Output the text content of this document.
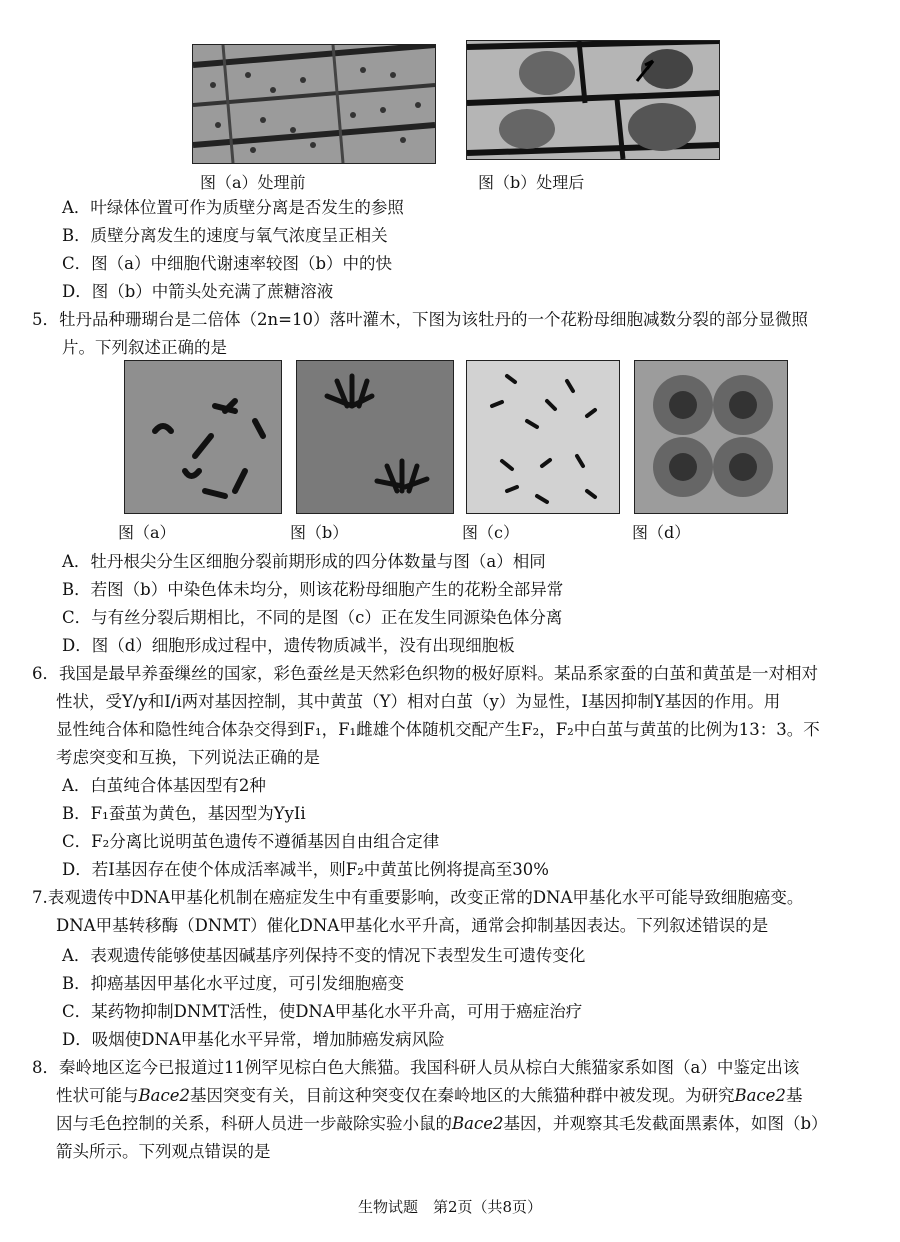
图（a）处理前	图（b）处理后
A．叶绿体位置可作为质壁分离是否发生的参照
B．质壁分离发生的速度与氧气浓度呈正相关
C．图（a）中细胞代谢速率较图（b）中的快
D．图（b）中箭头处充满了蔗糖溶液
5．牡丹品种珊瑚台是二倍体（2n=10）落叶灌木，下图为该牡丹的一个花粉母细胞减数分裂的部分显微照
片。下列叙述正确的是
图（a）	图（b）	图（c）	图（d）
A．牡丹根尖分生区细胞分裂前期形成的四分体数量与图（a）相同
B．若图（b）中染色体未均分，则该花粉母细胞产生的花粉全部异常
C．与有丝分裂后期相比，不同的是图（c）正在发生同源染色体分离
D．图（d）细胞形成过程中，遗传物质减半，没有出现细胞板
6．我国是最早养蚕缫丝的国家，彩色蚕丝是天然彩色织物的极好原料。某品系家蚕的白茧和黄茧是一对相对
性状，受Y/y和I/i两对基因控制，其中黄茧（Y）相对白茧（y）为显性，I基因抑制Y基因的作用。用
显性纯合体和隐性纯合体杂交得到F₁，F₁雌雄个体随机交配产生F₂，F₂中白茧与黄茧的比例为13：3。不
考虑突变和互换，下列说法正确的是
A．白茧纯合体基因型有2种
B．F₁蚕茧为黄色，基因型为YyIi
C．F₂分离比说明茧色遗传不遵循基因自由组合定律
D．若I基因存在使个体成活率减半，则F₂中黄茧比例将提高至30%
7.表观遗传中DNA甲基化机制在癌症发生中有重要影响，改变正常的DNA甲基化水平可能导致细胞癌变。
DNA甲基转移酶（DNMT）催化DNA甲基化水平升高，通常会抑制基因表达。下列叙述错误的是
A．表观遗传能够使基因碱基序列保持不变的情况下表型发生可遗传变化
B．抑癌基因甲基化水平过度，可引发细胞癌变
C．某药物抑制DNMT活性，使DNA甲基化水平升高，可用于癌症治疗
D．吸烟使DNA甲基化水平异常，增加肺癌发病风险
8．秦岭地区迄今已报道过11例罕见棕白色大熊猫。我国科研人员从棕白大熊猫家系如图（a）中鉴定出该
性状可能与Bace2基因突变有关，目前这种突变仅在秦岭地区的大熊猫种群中被发现。为研究Bace2基
因与毛色控制的关系，科研人员进一步敲除实验小鼠的Bace2基因，并观察其毛发截面黑素体，如图（b）
箭头所示。下列观点错误的是
生物试题　第2页（共8页）
